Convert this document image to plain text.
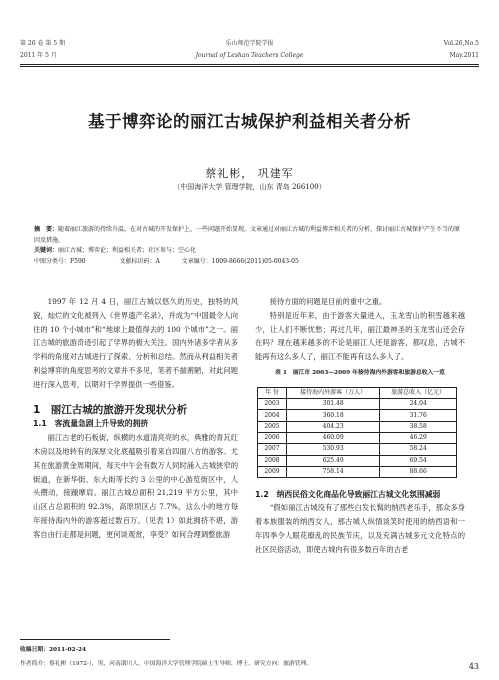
第 26 卷 第 5 期
2011 年 5 月
乐山师范学院学报
Journal of Leshan Teachers College
Vol.26,No.5
May.2011
基于博弈论的丽江古城保护利益相关者分析
蔡礼彬， 巩建军
（中国海洋大学 管理学院，山东 青岛 266100）

摘　要：随着丽江旅游的持续升温，在对古城的开发保护上，一些问题开始显现。文章通过对丽江古城的利益博弈相关者的分析，探讨丽江古城保护产生不当的原因及措施。

关键词：丽江古城；博弈论；利益相关者；社区参与；空心化

中图分类号：F590	文献标识码：A	文章编号：1009-8666(2011)05-0043-05

1997 年 12 月 4 日，丽江古城以悠久的历史，独特的风貌，灿烂的文化被列入《世界遗产名录》，并成为“中国最令人向往的 10 个小城市”和“地球上最值得去的 100 个城市”之一。丽江古城的旅游奇迹引起了学界的极大关注。国内外诸多学者从多学科的角度对古城进行了探索、分析和总结。然而从利益相关者利益博弈的角度思考的文章并不多见，笔者不揣谫陋，对此问题进行深入思考，以期对于学界提供一些借鉴。

1　丽江古城的旅游开发现状分析

1.1　客流量急剧上升导致的拥挤

丽江古老的石板街，纵横的水道清亮亮的水，典雅的青瓦红木房以及地转有的深厚文化底蕴吸引着来自四面八方的游客。尤其在旅游黄金周期间，每天中午会有数万人同时涌入古城狭窄的街道，在新华街、东大街等长约 3 公里的中心游览街区中，人头攒动，接踵摩肩。丽江古城总面积 21,219 平方公里，其中山区占总面积的 92.3%，高原坝区占 7.7%，这么小的地方每年接待海内外的游客超过数百万。（见表 1）如此拥挤不堪，游客自由行走都是问题，更何谈观赏，享受？如何合理调整旅游

接待方面的问题是目前的重中之重。

特别是近年来，由于游客大量进入，玉龙雪山的积雪越来越少，让人们不断忧愁；再过几年，丽江最神圣的玉龙雪山还会存在吗？现在越来越多的不论是丽江人还是游客，都叹息，古城不能再有这么多人了，丽江不能再有这么多人了。

表 1　丽江市 2003—2009 年接待海内外游客和旅游总收入一览
年 份	接待海内外游客（万人）	旅游总收入（亿元）
2003	301.48	24.04
2004	360.18	31.76
2005	404.23	38.58
2006	460.09	46.29
2007	530.93	58.24
2008	625.49	69.54
2009	758.14	88.66

1.2　纳西民俗文化商品化导致丽江古城文化氛围减弱

“假如丽江古城没有了那些白发长髯的纳西老乐手，那众多身着本族服装的纳西女人，那古城人纵情谈笑时使用的纳西语和一年四季令人眼花缭乱的民族节庆，以及充满古城多元文化特点的社区民俗活动，即使古城内有很多数百年的古老

收稿日期：2011-02-24
作者简介：蔡礼彬（1972-），男，河南潢川人，中国海洋大学管理学院硕士生导师，博士，研究方向：旅游管理。	43
